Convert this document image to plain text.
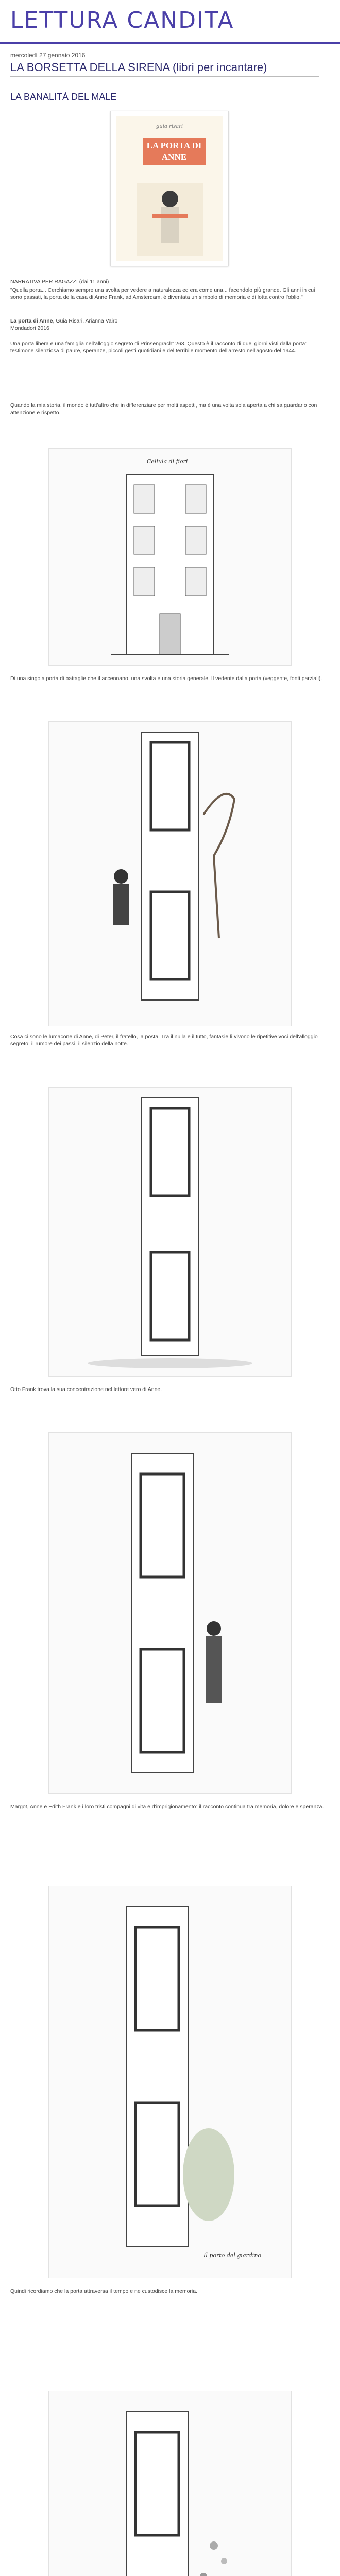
LETTURA CANDITA
mercoledì 27 gennaio 2016
LA BORSETTA DELLA SIRENA (libri per incantare)
LA BANALITÀ DEL MALE
guia risari
LA PORTA DI ANNE
NARRATIVA PER RAGAZZI (dai 11 anni)

"Quella porta... Cerchiamo sempre una svolta per vedere a naturalezza ed era come una... facendolo più grande. Gli anni in cui sono passati, la porta della casa di Anne Frank, ad Amsterdam, è diventata un simbolo di memoria e di lotta contro l'oblio."

La porta di Anne, Guia Risari, Arianna Vairo
Mondadori 2016

Una porta libera e una famiglia nell'alloggio segreto di Prinsengracht 263. Questo è il racconto di quei giorni visti dalla porta: testimone silenziosa di paure, speranze, piccoli gesti quotidiani e del terribile momento dell'arresto nell'agosto del 1944.

Quando la mia storia, il mondo è tutt'altro che in differenziare per molti aspetti, ma è una volta sola aperta a chi sa guardarlo con attenzione e rispetto.

Cellula di fiori

Di una singola porta di battaglie che il accennano, una svolta e una storia generale. Il vedente dalla porta (veggente, fonti parziali).

Cosa ci sono le lumacone di Anne, di Peter, il fratello, la posta. Tra il nulla e il tutto, fantasie lì vivono le ripetitive voci dell'alloggio segreto: il rumore dei passi, il silenzio della notte.

Otto Frank trova la sua concentrazione nel lettore vero di Anne.

Margot, Anne e Edith Frank e i loro tristi compagni di vita e d'imprigionamento: il racconto continua tra memoria, dolore e speranza.

Il porto del giardino

Quindi ricordiamo che la porta attraversa il tempo e ne custodisce la memoria.
